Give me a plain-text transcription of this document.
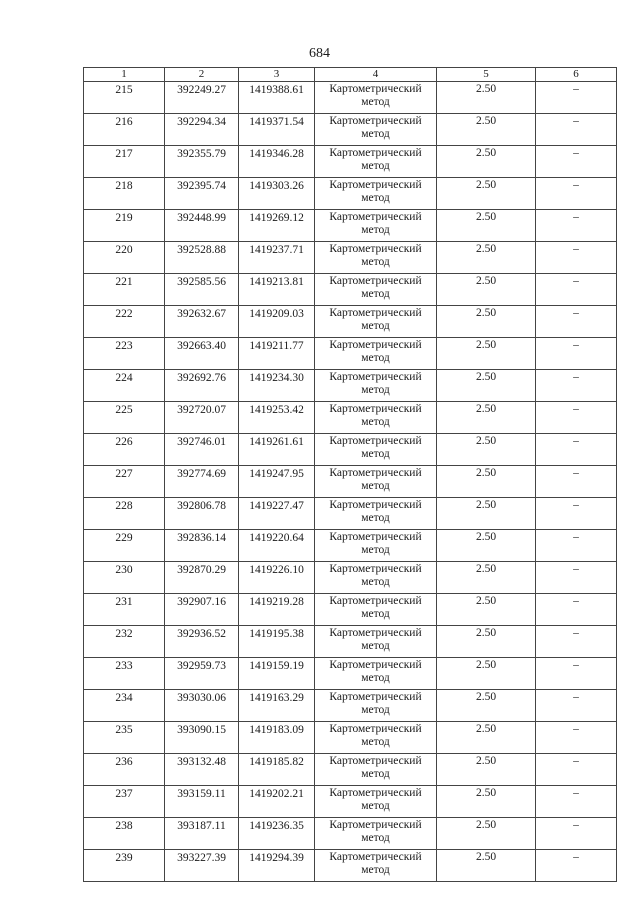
684
1	2	3	4	5	6
215	392249.27	1419388.61	Картометрический метод	2.50	–
216	392294.34	1419371.54	Картометрический метод	2.50	–
217	392355.79	1419346.28	Картометрический метод	2.50	–
218	392395.74	1419303.26	Картометрический метод	2.50	–
219	392448.99	1419269.12	Картометрический метод	2.50	–
220	392528.88	1419237.71	Картометрический метод	2.50	–
221	392585.56	1419213.81	Картометрический метод	2.50	–
222	392632.67	1419209.03	Картометрический метод	2.50	–
223	392663.40	1419211.77	Картометрический метод	2.50	–
224	392692.76	1419234.30	Картометрический метод	2.50	–
225	392720.07	1419253.42	Картометрический метод	2.50	–
226	392746.01	1419261.61	Картометрический метод	2.50	–
227	392774.69	1419247.95	Картометрический метод	2.50	–
228	392806.78	1419227.47	Картометрический метод	2.50	–
229	392836.14	1419220.64	Картометрический метод	2.50	–
230	392870.29	1419226.10	Картометрический метод	2.50	–
231	392907.16	1419219.28	Картометрический метод	2.50	–
232	392936.52	1419195.38	Картометрический метод	2.50	–
233	392959.73	1419159.19	Картометрический метод	2.50	–
234	393030.06	1419163.29	Картометрический метод	2.50	–
235	393090.15	1419183.09	Картометрический метод	2.50	–
236	393132.48	1419185.82	Картометрический метод	2.50	–
237	393159.11	1419202.21	Картометрический метод	2.50	–
238	393187.11	1419236.35	Картометрический метод	2.50	–
239	393227.39	1419294.39	Картометрический метод	2.50	–
